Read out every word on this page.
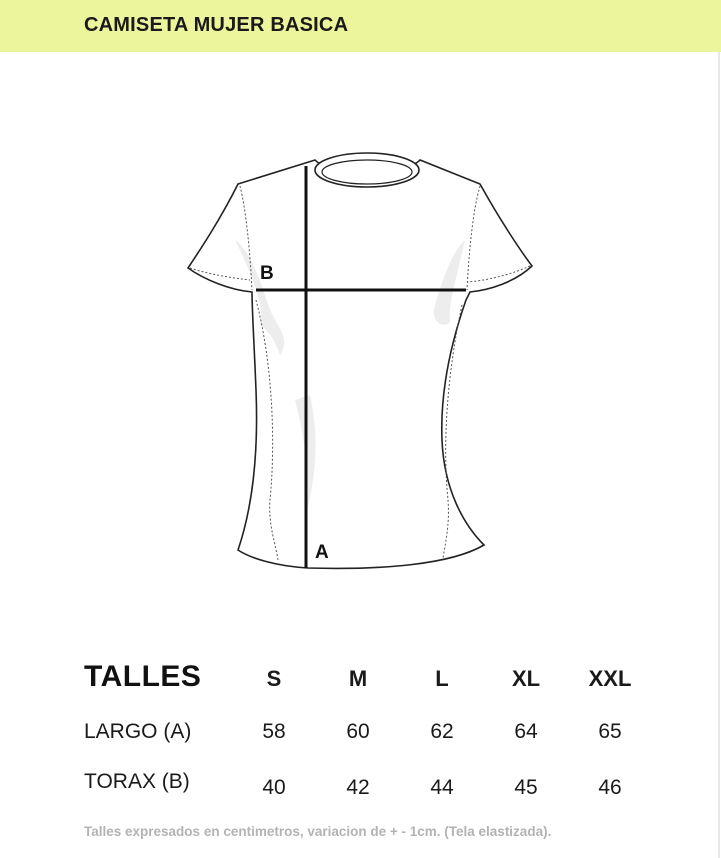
CAMISETA MUJER BASICA
B
A
TALLES	S	M	L	XL	XXL
LARGO (A)	58	60	62	64	65
TORAX (B)	40	42	44	45	46
Talles expresados en centimetros, variacion de + - 1cm. (Tela elastizada).
